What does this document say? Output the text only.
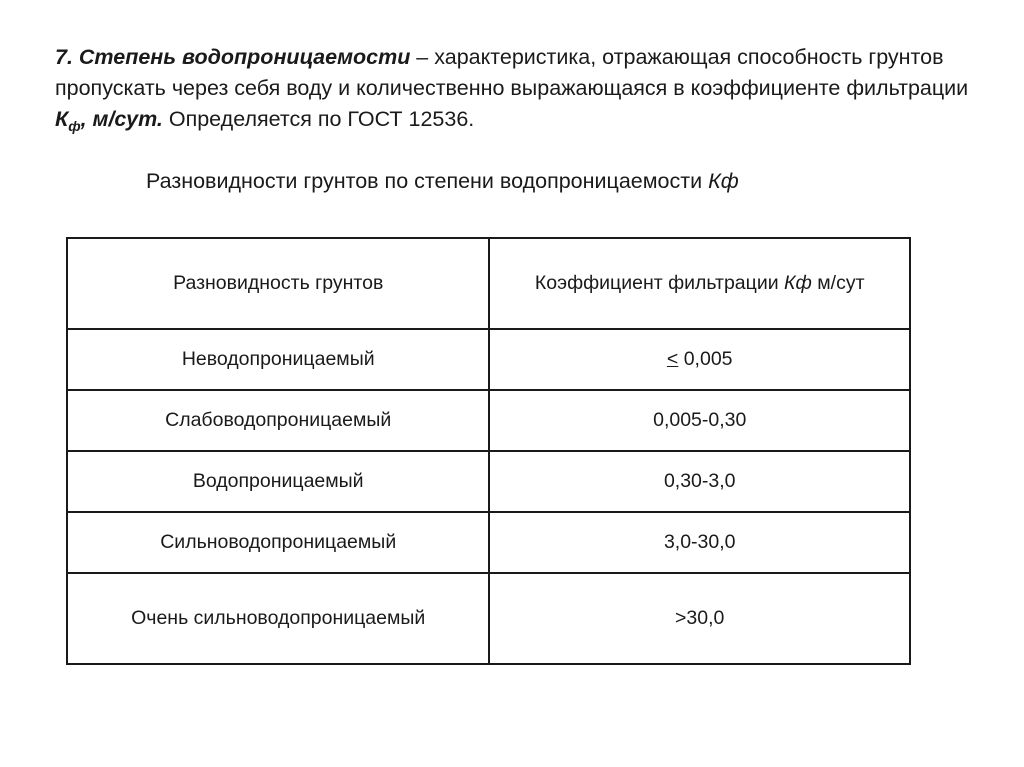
7. Степень водопроницаемости – характеристика, отражающая способность грунтов пропускать через себя воду и количественно выражающаяся в коэффициенте фильтрации $К_ф$, м/сут. Определяется по ГОСТ 12536.

Разновидности грунтов по степени водопроницаемости Кф

Разновидность грунтов	Коэффициент фильтрации Кф м/сут
Неводопроницаемый	≤ 0,005
Слабоводопроницаемый	0,005-0,30
Водопроницаемый	0,30-3,0
Сильноводопроницаемый	3,0-30,0
Очень сильноводопроницаемый	>30,0
